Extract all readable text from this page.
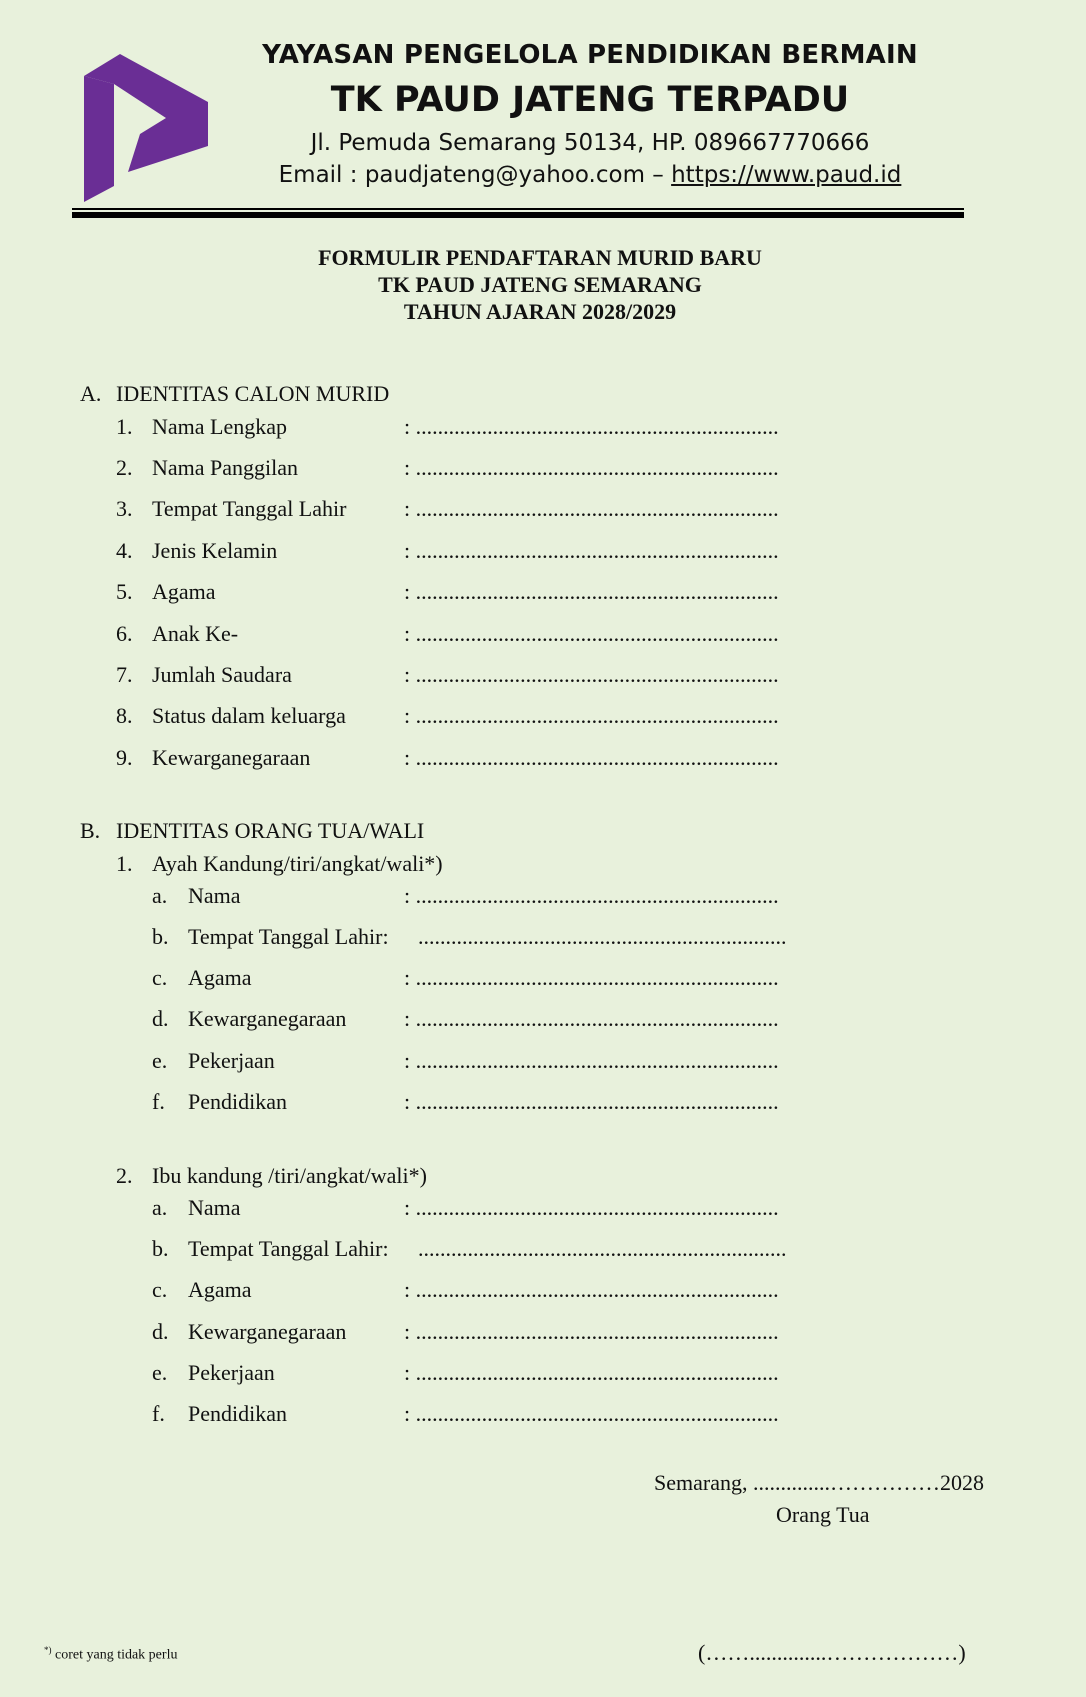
YAYASAN PENGELOLA PENDIDIKAN BERMAIN
TK PAUD JATENG TERPADU
Jl. Pemuda Semarang 50134, HP. 089667770666
Email : paudjateng@yahoo.com – https://www.paud.id
FORMULIR PENDAFTARAN MURID BARU
TK PAUD JATENG SEMARANG
TAHUN AJARAN 2028/2029
A. IDENTITAS CALON MURID
1. Nama Lengkap	: ..................................................................
2. Nama Panggilan	: ..................................................................
3. Tempat Tanggal Lahir	: ..................................................................
4. Jenis Kelamin	: ..................................................................
5. Agama	: ..................................................................
6. Anak Ke-	: ..................................................................
7. Jumlah Saudara	: ..................................................................
8. Status dalam keluarga	: ..................................................................
9. Kewarganegaraan	: ..................................................................
B. IDENTITAS ORANG TUA/WALI
1. Ayah Kandung/tiri/angkat/wali*)
a. Nama	: ..................................................................
b. Tempat Tanggal Lahir: ...................................................................
c. Agama	: ..................................................................
d. Kewarganegaraan	: ..................................................................
e. Pekerjaan	: ..................................................................
f. Pendidikan	: ..................................................................
2. Ibu kandung /tiri/angkat/wali*)
a. Nama	: ..................................................................
b. Tempat Tanggal Lahir: ...................................................................
c. Agama	: ..................................................................
d. Kewarganegaraan	: ..................................................................
e. Pekerjaan	: ..................................................................
f. Pendidikan	: ..................................................................
Semarang, ..............……………2028
Orang Tua
(……..............………………)
*) coret yang tidak perlu
